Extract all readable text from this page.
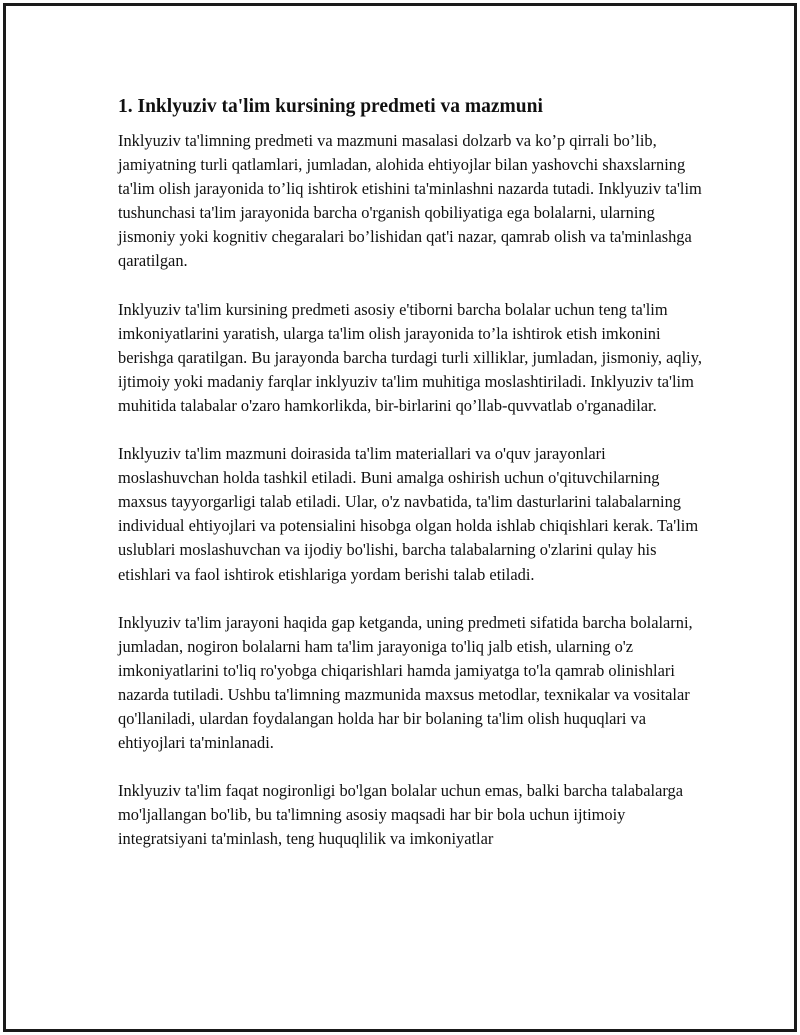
1. Inklyuziv ta'lim kursining predmeti va mazmuni

Inklyuziv ta'limning predmeti va mazmuni masalasi dolzarb va ko’p qirrali bo’lib, jamiyatning turli qatlamlari, jumladan, alohida ehtiyojlar bilan yashovchi shaxslarning ta'lim olish jarayonida to’liq ishtirok etishini ta'minlashni nazarda tutadi. Inklyuziv ta'lim tushunchasi ta'lim jarayonida barcha o'rganish qobiliyatiga ega bolalarni, ularning jismoniy yoki kognitiv chegaralari bo’lishidan qat'i nazar, qamrab olish va ta'minlashga qaratilgan.

Inklyuziv ta'lim kursining predmeti asosiy e'tiborni barcha bolalar uchun teng ta'lim imkoniyatlarini yaratish, ularga ta'lim olish jarayonida to’la ishtirok etish imkonini berishga qaratilgan. Bu jarayonda barcha turdagi turli xilliklar, jumladan, jismoniy, aqliy, ijtimoiy yoki madaniy farqlar inklyuziv ta'lim muhitiga moslashtiriladi. Inklyuziv ta'lim muhitida talabalar o'zaro hamkorlikda, bir-birlarini qo’llab-quvvatlab o'rganadilar.

Inklyuziv ta'lim mazmuni doirasida ta'lim materiallari va o'quv jarayonlari moslashuvchan holda tashkil etiladi. Buni amalga oshirish uchun o'qituvchilarning maxsus tayyorgarligi talab etiladi. Ular, o'z navbatida, ta'lim dasturlarini talabalarning individual ehtiyojlari va potensialini hisobga olgan holda ishlab chiqishlari kerak. Ta'lim uslublari moslashuvchan va ijodiy bo'lishi, barcha talabalarning o'zlarini qulay his etishlari va faol ishtirok etishlariga yordam berishi talab etiladi.

Inklyuziv ta'lim jarayoni haqida gap ketganda, uning predmeti sifatida barcha bolalarni, jumladan, nogiron bolalarni ham ta'lim jarayoniga to'liq jalb etish, ularning o'z imkoniyatlarini to'liq ro'yobga chiqarishlari hamda jamiyatga to'la qamrab olinishlari nazarda tutiladi. Ushbu ta'limning mazmunida maxsus metodlar, texnikalar va vositalar qo'llaniladi, ulardan foydalangan holda har bir bolaning ta'lim olish huquqlari va ehtiyojlari ta'minlanadi.

Inklyuziv ta'lim faqat nogironligi bo'lgan bolalar uchun emas, balki barcha talabalarga mo'ljallangan bo'lib, bu ta'limning asosiy maqsadi har bir bola uchun ijtimoiy integratsiyani ta'minlash, teng huquqlilik va imkoniyatlar
